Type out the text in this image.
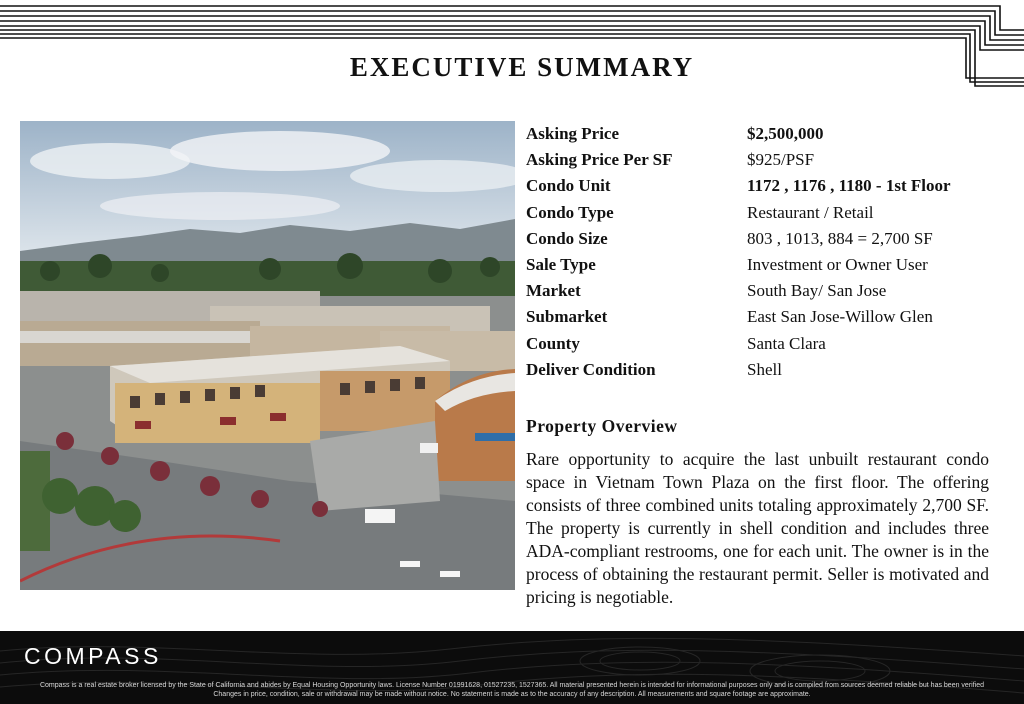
EXECUTIVE SUMMARY
Asking Price	$2,500,000
Asking Price Per SF	$925/PSF
Condo Unit	1172 , 1176 , 1180 - 1st Floor
Condo Type	Restaurant / Retail
Condo Size	803 , 1013, 884 = 2,700 SF
Sale Type	Investment or Owner User
Market	South Bay/ San Jose
Submarket	East San Jose-Willow Glen
County	Santa Clara
Deliver Condition	Shell
Property Overview

Rare opportunity to acquire the last unbuilt restaurant condo space in Vietnam Town Plaza on the first floor. The offering consists of three combined units totaling approximately 2,700 SF. The property is currently in shell condition and includes three ADA-compliant restrooms, one for each unit. The owner is in the process of obtaining the restaurant permit. Seller is motivated and pricing is negotiable.

COMPASS
Compass is a real estate broker licensed by the State of California and abides by Equal Housing Opportunity laws. License Number 01991628, 01527235, 1527365. All material presented herein is intended for informational purposes only and is compiled from sources deemed reliable but has been verified
Changes in price, condition, sale or withdrawal may be made without notice. No statement is made as to the accuracy of any description. All measurements and square footage are approximate.
